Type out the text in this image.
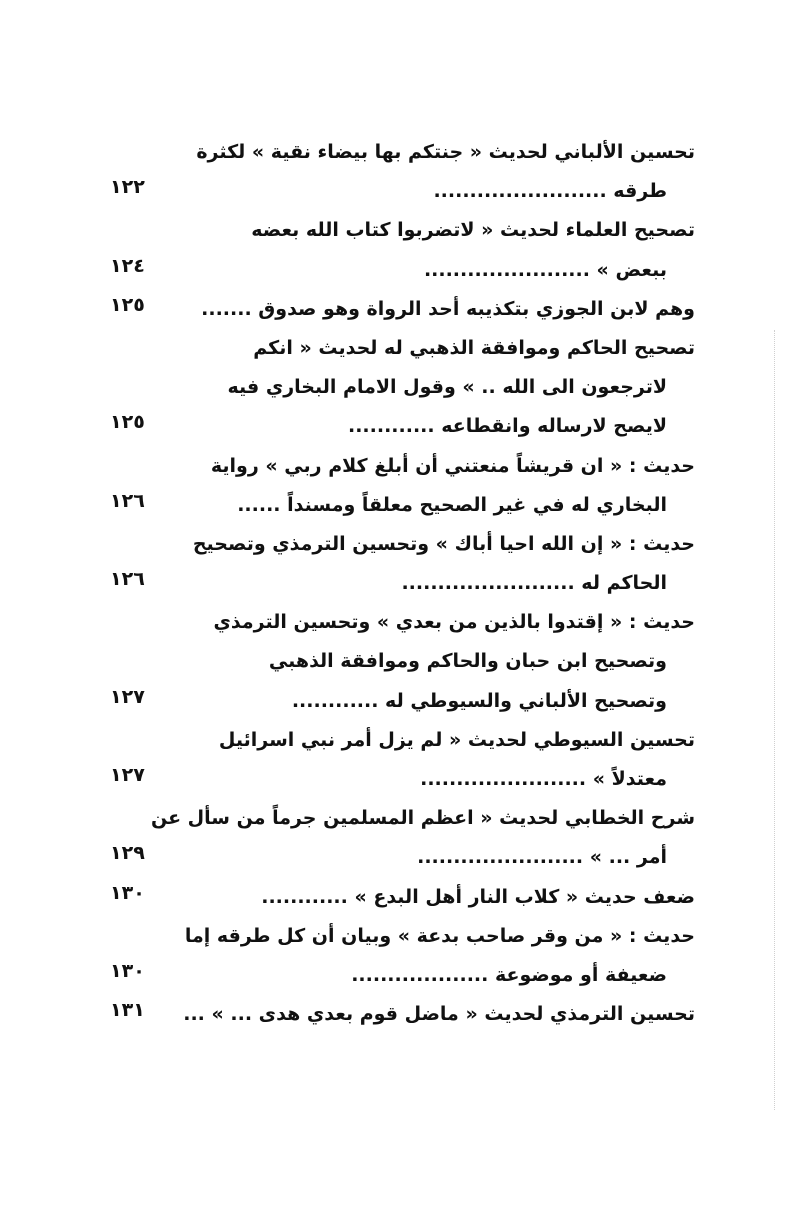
تحسين الألباني لحديث « جنتكم بها بيضاء نقية » لكثرة
طرقه ........................
١٢٢
تصحيح العلماء لحديث « لاتضربوا كتاب الله بعضه
ببعض » .......................
١٢٤
وهم لابن الجوزي بتكذيبه أحد الرواة وهو صدوق .......
١٢٥
تصحيح الحاكم وموافقة الذهبي له لحديث « انكم
لاترجعون الى الله .. » وقول الامام البخاري فيه
لايصح لارساله وانقطاعه ............
١٢٥
حديث : « ان قريشاً منعتني أن أبلغ كلام ربي » رواية
البخاري له في غير الصحيح معلقاً ومسنداً ......
١٢٦
حديث : « إن الله احيا أباك » وتحسين الترمذي وتصحيح
الحاكم له ........................
١٢٦
حديث : « إقتدوا بالذين من بعدي » وتحسين الترمذي
وتصحيح ابن حبان والحاكم وموافقة الذهبي
وتصحيح الألباني والسيوطي له ............
١٢٧
تحسين السيوطي لحديث « لم يزل أمر نبي اسرائيل
معتدلاً » .......................
١٢٧
شرح الخطابي لحديث « اعظم المسلمين جرماً من سأل عن
أمر ... » .......................
١٢٩
ضعف حديث « كلاب النار أهل البدع » ............
١٣٠
حديث : « من وقر صاحب بدعة » وبيان أن كل طرقه إما
ضعيفة أو موضوعة ...................
١٣٠
تحسين الترمذي لحديث « ماضل قوم بعدي هدى ... » ...
١٣١
